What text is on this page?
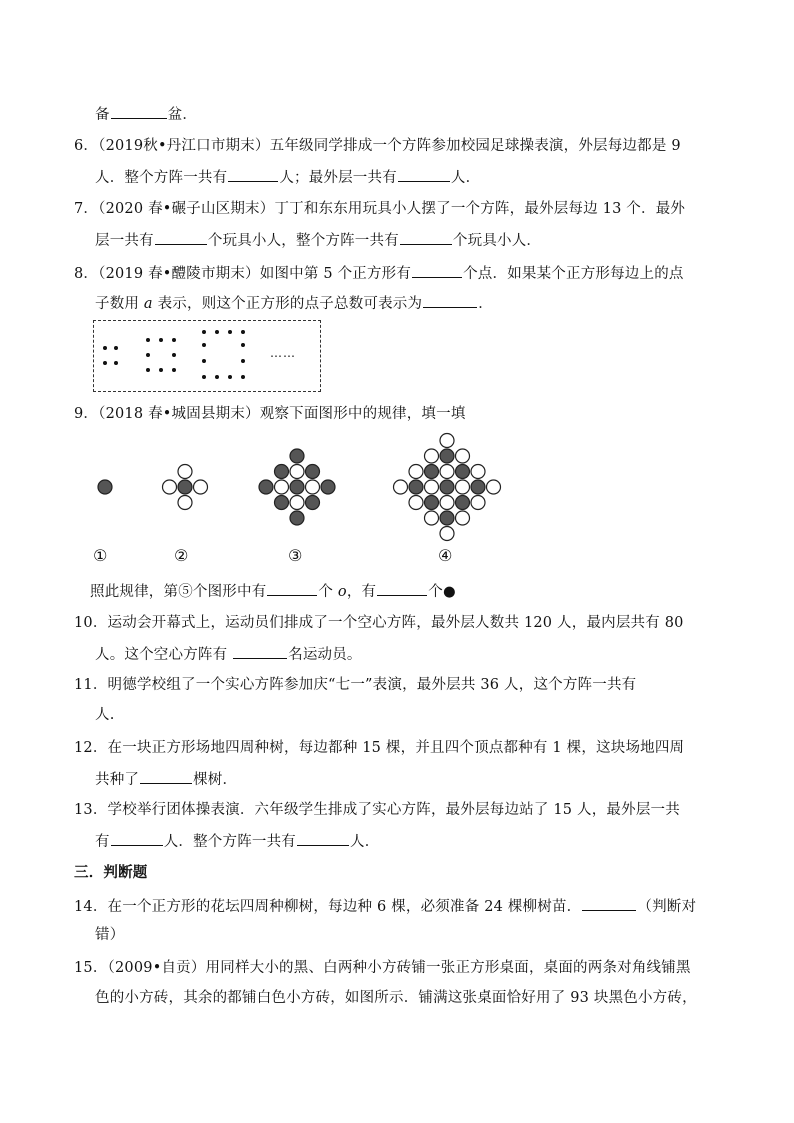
备	盆．
6．（2019秋•丹江口市期末）五年级同学排成一个方阵参加校园足球操表演，外层每边都是 9
人．整个方阵一共有	人；最外层一共有	人．
7．（2020 春•碾子山区期末）丁丁和东东用玩具小人摆了一个方阵，最外层每边 13 个．最外
层一共有	个玩具小人，整个方阵一共有	个玩具小人．
8．（2019 春•醴陵市期末）如图中第 5 个正方形有	个点．如果某个正方形每边上的点
子数用 a 表示，则这个正方形的点子总数可表示为	．
……
9．（2018 春•城固县期末）观察下面图形中的规律，填一填
①	②	③	④
照此规律，第⑤个图形中有	个 o，有	个●
10．运动会开幕式上，运动员们排成了一个空心方阵，最外层人数共 120 人，最内层共有 80
人。这个空心方阵有	名运动员。
11．明德学校组了一个实心方阵参加庆“七一”表演，最外层共 36 人，这个方阵一共有
人.
12．在一块正方形场地四周种树，每边都种 15 棵，并且四个顶点都种有 1 棵，这块场地四周
共种了	棵树．
13．学校举行团体操表演．六年级学生排成了实心方阵，最外层每边站了 15 人，最外层一共
有	人．整个方阵一共有	人．
三．判断题
14．在一个正方形的花坛四周种柳树，每边种 6 棵，必须准备 24 棵柳树苗．	（判断对
错）
15．（2009•自贡）用同样大小的黑、白两种小方砖铺一张正方形桌面，桌面的两条对角线铺黑
色的小方砖，其余的都铺白色小方砖，如图所示．铺满这张桌面恰好用了 93 块黑色小方砖，
